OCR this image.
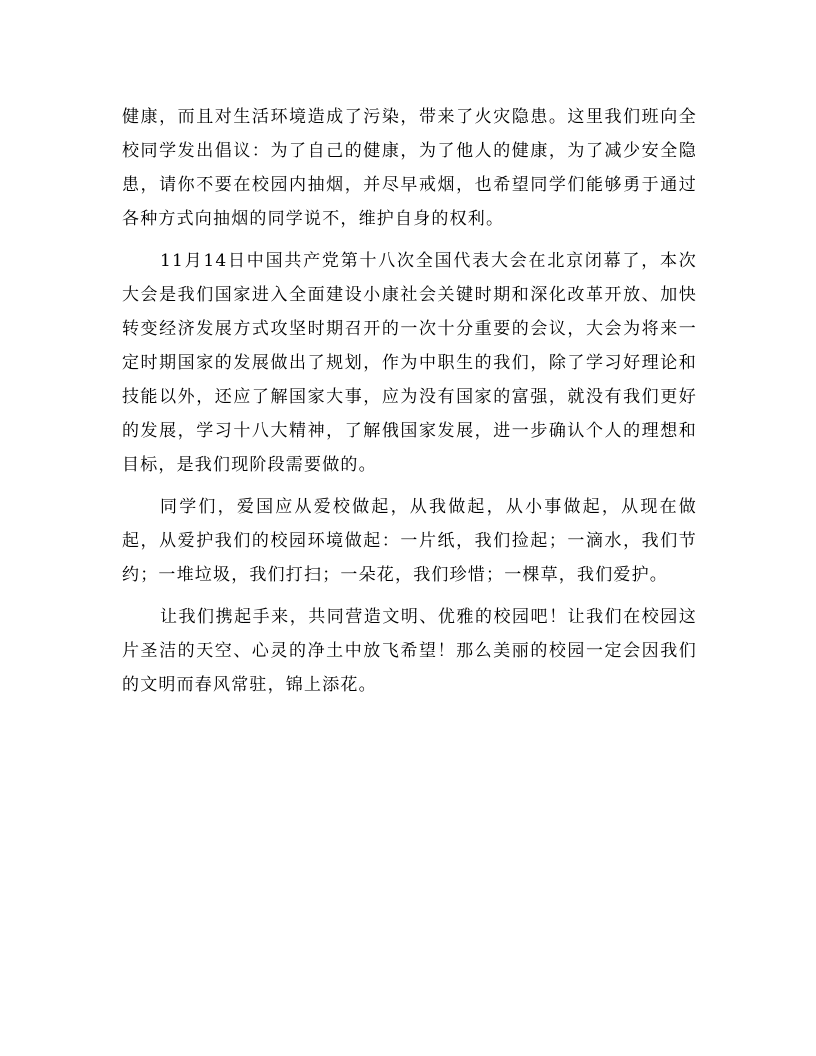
健康，而且对生活环境造成了污染，带来了火灾隐患。这里我们班向全校同学发出倡议：为了自己的健康，为了他人的健康，为了减少安全隐患，请你不要在校园内抽烟，并尽早戒烟，也希望同学们能够勇于通过各种方式向抽烟的同学说不，维护自身的权利。

11月14日中国共产党第十八次全国代表大会在北京闭幕了，本次大会是我们国家进入全面建设小康社会关键时期和深化改革开放、加快转变经济发展方式攻坚时期召开的一次十分重要的会议，大会为将来一定时期国家的发展做出了规划，作为中职生的我们，除了学习好理论和技能以外，还应了解国家大事，应为没有国家的富强，就没有我们更好的发展，学习十八大精神，了解俄国家发展，进一步确认个人的理想和目标，是我们现阶段需要做的。

同学们，爱国应从爱校做起，从我做起，从小事做起，从现在做起，从爱护我们的校园环境做起：一片纸，我们捡起；一滴水，我们节约；一堆垃圾，我们打扫；一朵花，我们珍惜；一棵草，我们爱护。

让我们携起手来，共同营造文明、优雅的校园吧！让我们在校园这片圣洁的天空、心灵的净土中放飞希望！那么美丽的校园一定会因我们的文明而春风常驻，锦上添花。
